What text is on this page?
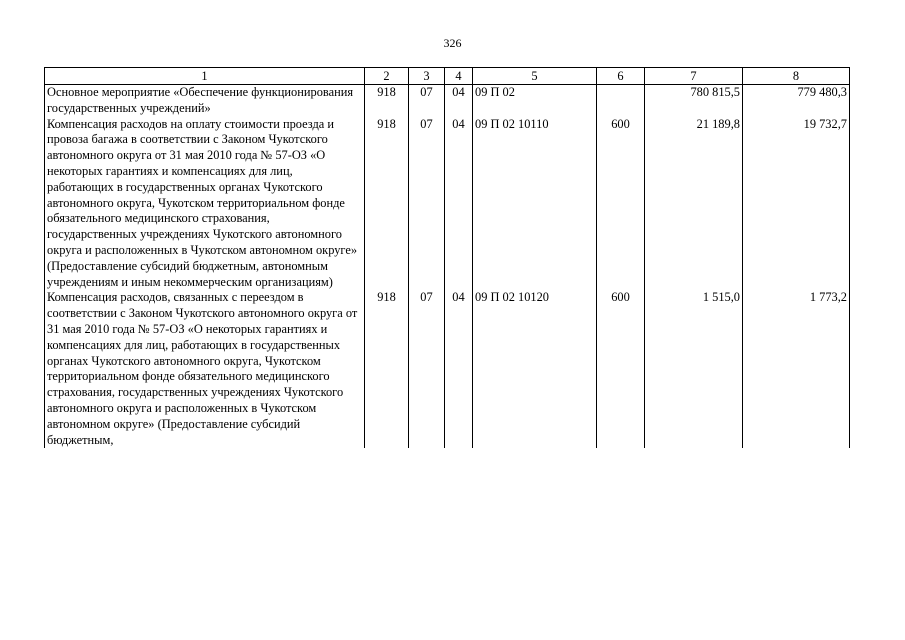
326
1	2	3	4	5	6	7	8
Основное мероприятие «Обеспечение функционирования государственных учреждений»	918	07	04	09 П 02		780 815,5	779 480,3
Компенсация расходов на оплату стоимости проезда и провоза багажа в соответствии с Законом Чукотского автономного округа от 31 мая 2010 года № 57-ОЗ «О некоторых гарантиях и компенсациях для лиц, работающих в государственных органах Чукотского автономного округа, Чукотском территориальном фонде обязательного медицинского страхования, государственных учреждениях Чукотского автономного округа и расположенных в Чукотском автономном округе» (Предоставление субсидий бюджетным, автономным учреждениям и иным некоммерческим организациям)	918	07	04	09 П 02 10110	600	21 189,8	19 732,7
Компенсация расходов, связанных с переездом в соответствии с Законом Чукотского автономного округа от 31 мая 2010 года № 57-ОЗ «О некоторых гарантиях и компенсациях для лиц, работающих в государственных органах Чукотского автономного округа, Чукотском территориальном фонде обязательного медицинского страхования, государственных учреждениях Чукотского автономного округа и расположенных в Чукотском автономном округе» (Предоставление субсидий бюджетным,	918	07	04	09 П 02 10120	600	1 515,0	1 773,2
